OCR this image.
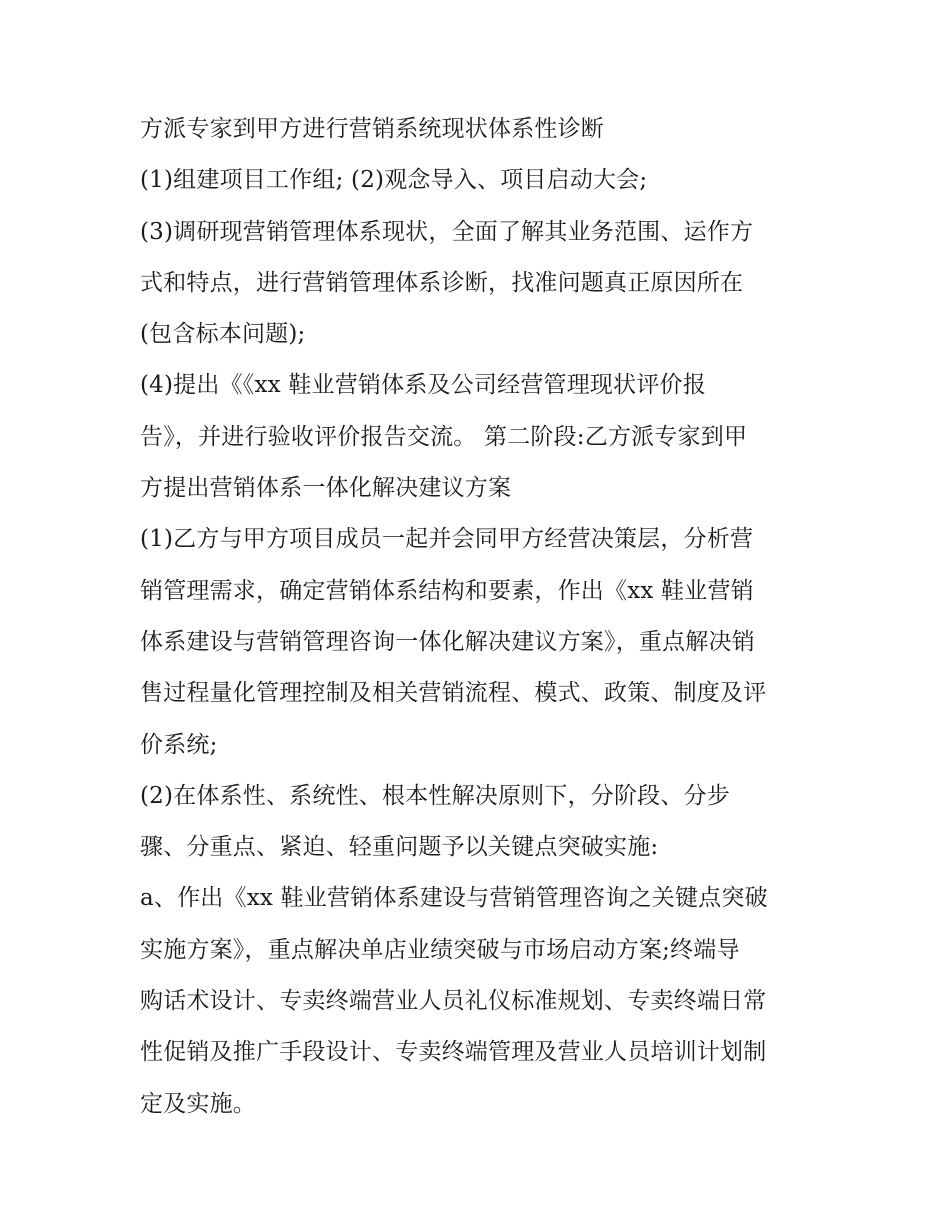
方派专家到甲方进行营销系统现状体系性诊断
(1)组建项目工作组; (2)观念导入、项目启动大会;
(3)调研现营销管理体系现状，全面了解其业务范围、运作方
式和特点，进行营销管理体系诊断，找准问题真正原因所在
(包含标本问题);
(4)提出《《xx 鞋业营销体系及公司经营管理现状评价报
告》，并进行验收评价报告交流。 第二阶段:乙方派专家到甲
方提出营销体系一体化解决建议方案
(1)乙方与甲方项目成员一起并会同甲方经营决策层，分析营
销管理需求，确定营销体系结构和要素，作出《xx 鞋业营销
体系建设与营销管理咨询一体化解决建议方案》，重点解决销
售过程量化管理控制及相关营销流程、模式、政策、制度及评
价系统;
(2)在体系性、系统性、根本性解决原则下，分阶段、分步
骤、分重点、紧迫、轻重问题予以关键点突破实施:
a、作出《xx 鞋业营销体系建设与营销管理咨询之关键点突破
实施方案》，重点解决单店业绩突破与市场启动方案;终端导
购话术设计、专卖终端营业人员礼仪标准规划、专卖终端日常
性促销及推广手段设计、专卖终端管理及营业人员培训计划制
定及实施。
